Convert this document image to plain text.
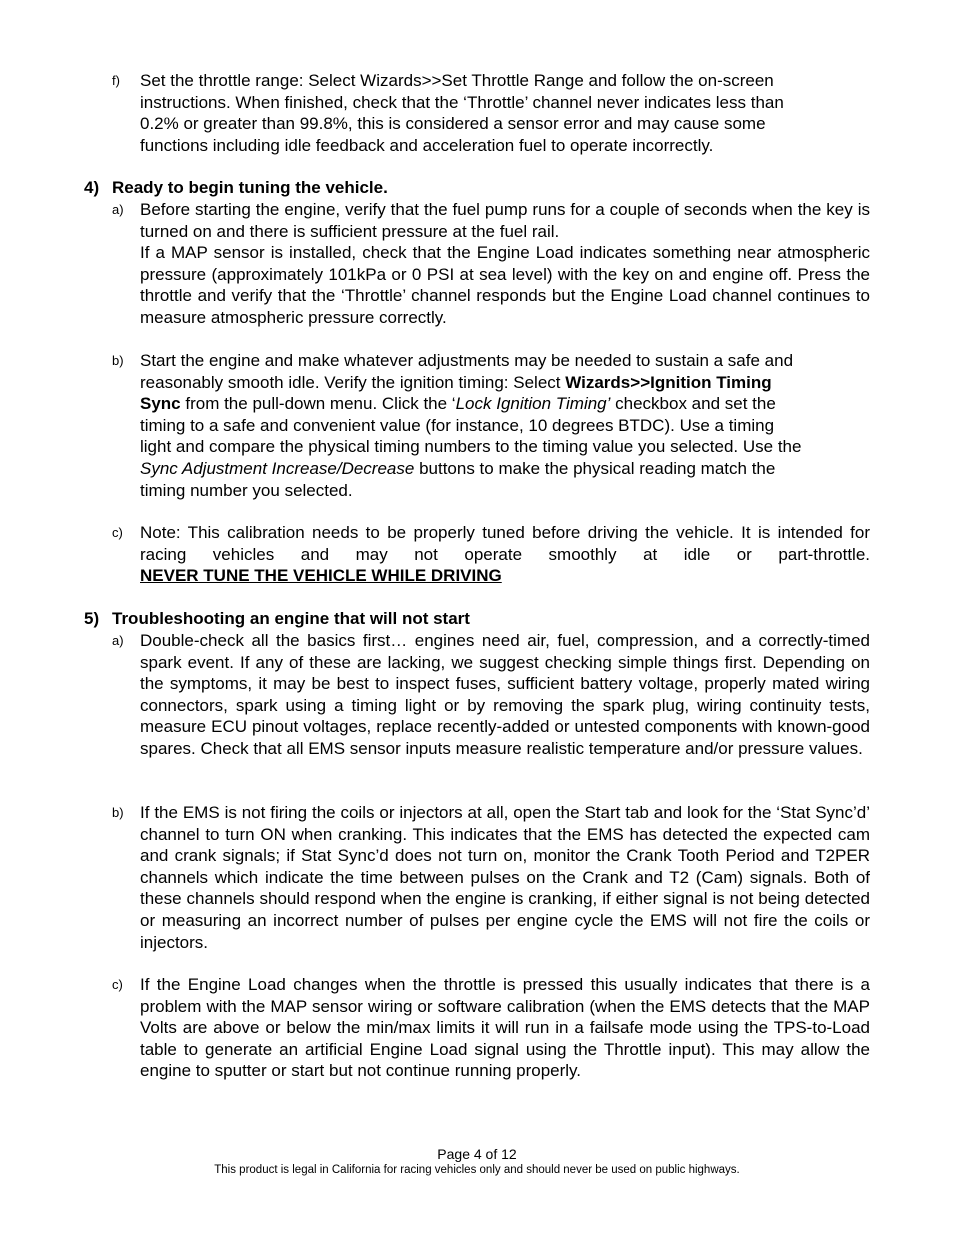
f) Set the throttle range: Select Wizards>>Set Throttle Range and follow the on-screen
instructions. When finished, check that the ‘Throttle’ channel never indicates less than
0.2% or greater than 99.8%, this is considered a sensor error and may cause some
functions including idle feedback and acceleration fuel to operate incorrectly.
4) Ready to begin tuning the vehicle.
a) Before starting the engine, verify that the fuel pump runs for a couple of seconds when the key is turned on and there is sufficient pressure at the fuel rail.
If a MAP sensor is installed, check that the Engine Load indicates something near atmospheric pressure (approximately 101kPa or 0 PSI at sea level) with the key on and engine off. Press the throttle and verify that the ‘Throttle’ channel responds but the Engine Load channel continues to measure atmospheric pressure correctly.
b) Start the engine and make whatever adjustments may be needed to sustain a safe and
reasonably smooth idle. Verify the ignition timing: Select Wizards>>Ignition Timing
Sync from the pull-down menu. Click the ‘Lock Ignition Timing’ checkbox and set the
timing to a safe and convenient value (for instance, 10 degrees BTDC). Use a timing
light and compare the physical timing numbers to the timing value you selected. Use the
Sync Adjustment Increase/Decrease buttons to make the physical reading match the
timing number you selected.
c) Note: This calibration needs to be properly tuned before driving the vehicle. It is intended for racing vehicles and may not operate smoothly at idle or part-throttle.
NEVER TUNE THE VEHICLE WHILE DRIVING
5) Troubleshooting an engine that will not start
a) Double-check all the basics first… engines need air, fuel, compression, and a correctly-timed spark event. If any of these are lacking, we suggest checking simple things first. Depending on the symptoms, it may be best to inspect fuses, sufficient battery voltage, properly mated wiring connectors, spark using a timing light or by removing the spark plug, wiring continuity tests, measure ECU pinout voltages, replace recently-added or untested components with known-good spares. Check that all EMS sensor inputs measure realistic temperature and/or pressure values.
b) If the EMS is not firing the coils or injectors at all, open the Start tab and look for the ‘Stat Sync’d’ channel to turn ON when cranking. This indicates that the EMS has detected the expected cam and crank signals; if Stat Sync’d does not turn on, monitor the Crank Tooth Period and T2PER channels which indicate the time between pulses on the Crank and T2 (Cam) signals. Both of these channels should respond when the engine is cranking, if either signal is not being detected or measuring an incorrect number of pulses per engine cycle the EMS will not fire the coils or injectors.
c) If the Engine Load changes when the throttle is pressed this usually indicates that there is a problem with the MAP sensor wiring or software calibration (when the EMS detects that the MAP Volts are above or below the min/max limits it will run in a failsafe mode using the TPS-to-Load table to generate an artificial Engine Load signal using the Throttle input). This may allow the engine to sputter or start but not continue running properly.
Page 4 of 12
This product is legal in California for racing vehicles only and should never be used on public highways.
